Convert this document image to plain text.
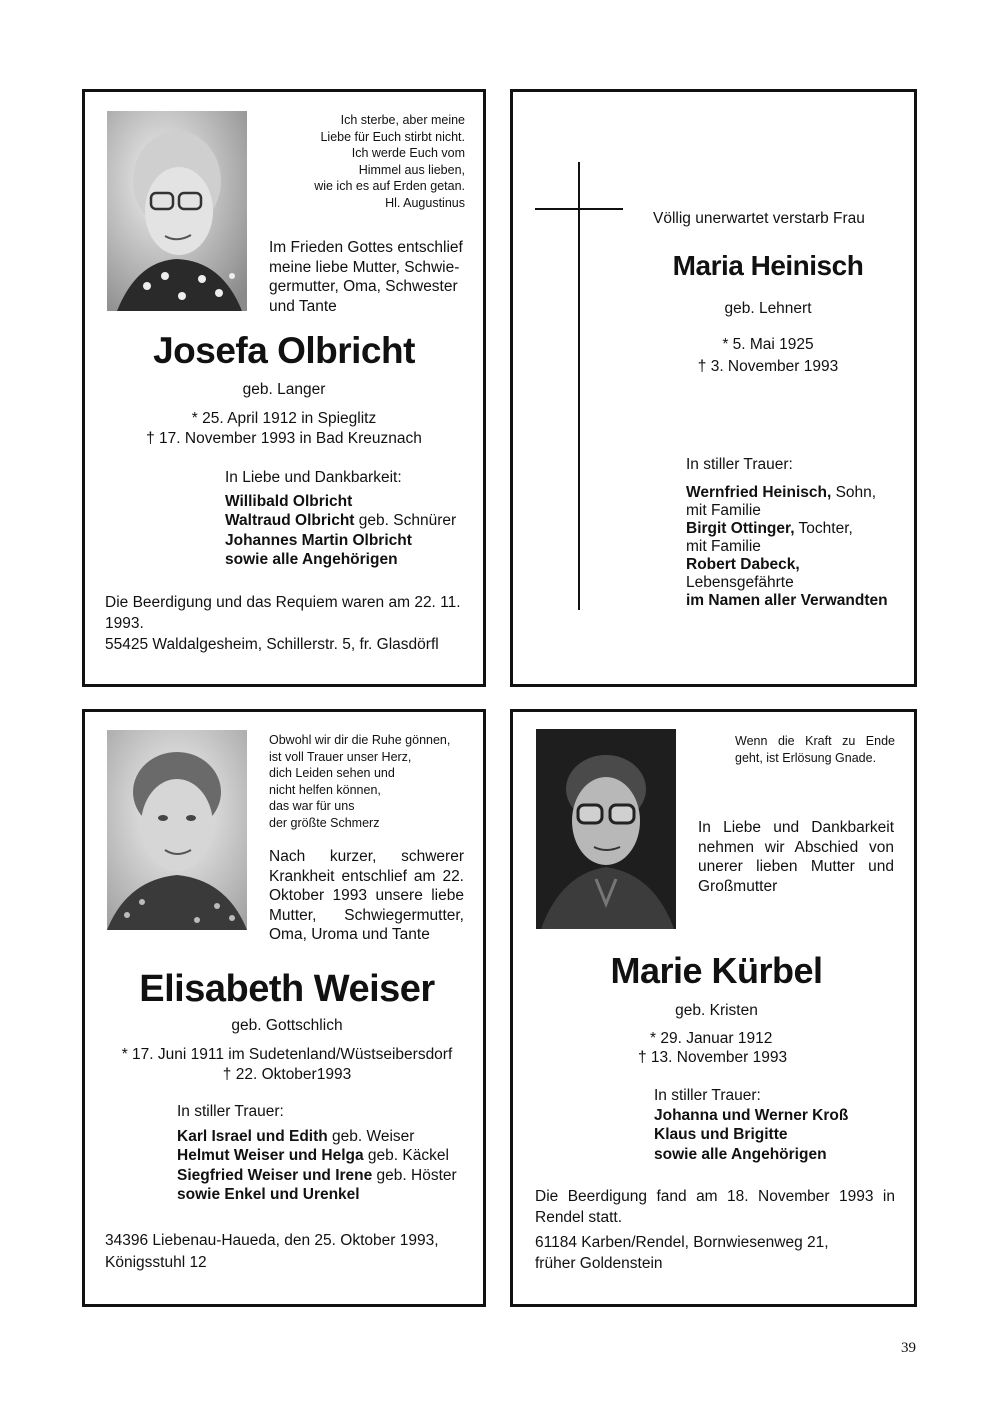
Ich sterbe, aber meine
Liebe für Euch stirbt nicht.
Ich werde Euch vom
Himmel aus lieben,
wie ich es auf Erden getan.
Hl. Augustinus
Im Frieden Gottes entschlief
meine liebe Mutter, Schwie-
germutter, Oma, Schwester
und Tante
Josefa Olbricht
geb. Langer
* 25. April 1912 in Spieglitz
† 17. November 1993 in Bad Kreuznach
In Liebe und Dankbarkeit:
Willibald Olbricht
Waltraud Olbricht geb. Schnürer
Johannes Martin Olbricht
sowie alle Angehörigen
Die Beerdigung und das Requiem waren am 22. 11.
1993.
55425 Waldalgesheim, Schillerstr. 5, fr. Glasdörfl
Völlig unerwartet verstarb Frau
Maria Heinisch
geb. Lehnert
* 5. Mai 1925
† 3. November 1993
In stiller Trauer:
Wernfried Heinisch, Sohn,
mit Familie
Birgit Ottinger, Tochter,
mit Familie
Robert Dabeck,
Lebensgefährte
im Namen aller Verwandten
Obwohl wir dir die Ruhe gönnen,
ist voll Trauer unser Herz,
dich Leiden sehen und
nicht helfen können,
das war für uns
der größte Schmerz
Nach kurzer, schwerer
Krankheit entschlief am 22.
Oktober 1993 unsere liebe
Mutter, Schwiegermutter,
Oma, Uroma und Tante
Elisabeth Weiser
geb. Gottschlich
* 17. Juni 1911 im Sudetenland/Wüstseibersdorf
† 22. Oktober1993
In stiller Trauer:
Karl Israel und Edith geb. Weiser
Helmut Weiser und Helga geb. Käckel
Siegfried Weiser und Irene geb. Höster
sowie Enkel und Urenkel
34396 Liebenau-Haueda, den 25. Oktober 1993,
Königsstuhl 12
Wenn die Kraft zu Ende
geht, ist Erlösung Gnade.
In Liebe und Dankbarkeit
nehmen wir Abschied von
unerer lieben Mutter und
Großmutter
Marie Kürbel
geb. Kristen
* 29. Januar 1912
† 13. November 1993
In stiller Trauer:
Johanna und Werner Kroß
Klaus und Brigitte
sowie alle Angehörigen
Die Beerdigung fand am 18. November 1993 in
Rendel statt.
61184 Karben/Rendel, Bornwiesenweg 21,
früher Goldenstein
39
